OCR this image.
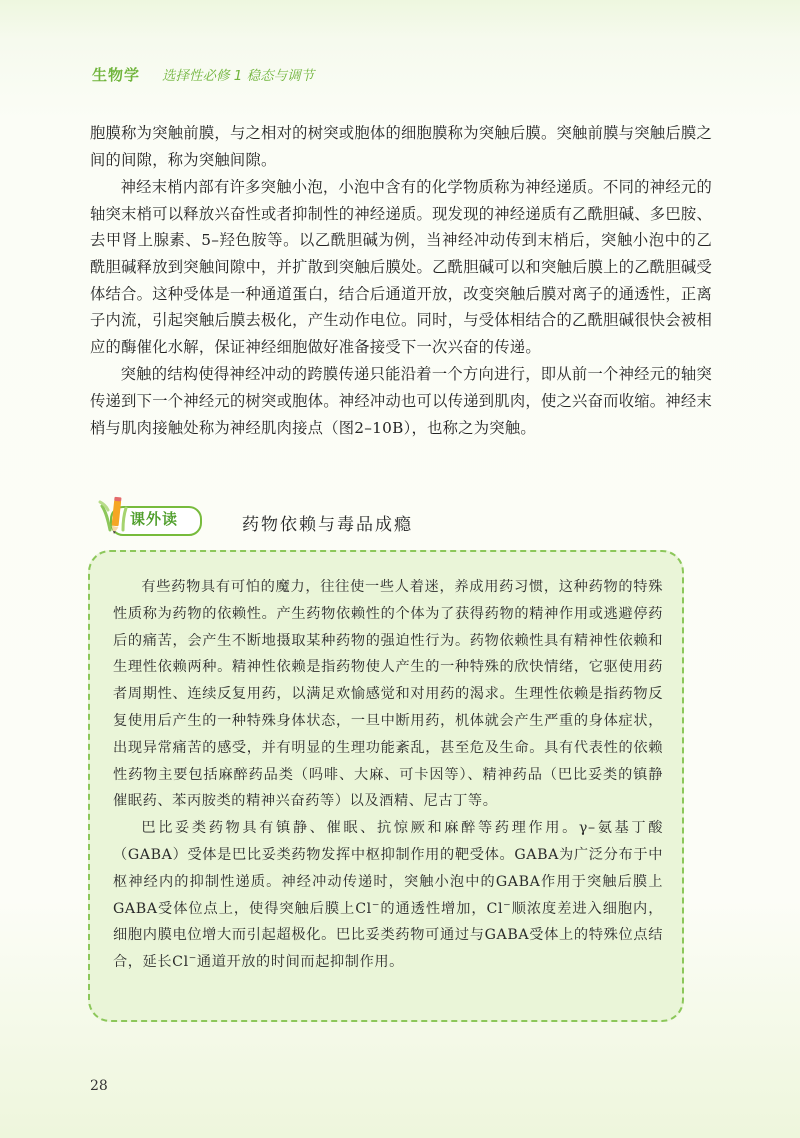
生物学 选择性必修 1 稳态与调节

胞膜称为突触前膜，与之相对的树突或胞体的细胞膜称为突触后膜。突触前膜与突触后膜之间的间隙，称为突触间隙。

神经末梢内部有许多突触小泡，小泡中含有的化学物质称为神经递质。不同的神经元的轴突末梢可以释放兴奋性或者抑制性的神经递质。现发现的神经递质有乙酰胆碱、多巴胺、去甲肾上腺素、5–羟色胺等。以乙酰胆碱为例，当神经冲动传到末梢后，突触小泡中的乙酰胆碱释放到突触间隙中，并扩散到突触后膜处。乙酰胆碱可以和突触后膜上的乙酰胆碱受体结合。这种受体是一种通道蛋白，结合后通道开放，改变突触后膜对离子的通透性，正离子内流，引起突触后膜去极化，产生动作电位。同时，与受体相结合的乙酰胆碱很快会被相应的酶催化水解，保证神经细胞做好准备接受下一次兴奋的传递。

突触的结构使得神经冲动的跨膜传递只能沿着一个方向进行，即从前一个神经元的轴突传递到下一个神经元的树突或胞体。神经冲动也可以传递到肌肉，使之兴奋而收缩。神经末梢与肌肉接触处称为神经肌肉接点（图2–10B），也称之为突触。

课外读	药物依赖与毒品成瘾

有些药物具有可怕的魔力，往往使一些人着迷，养成用药习惯，这种药物的特殊性质称为药物的依赖性。产生药物依赖性的个体为了获得药物的精神作用或逃避停药后的痛苦，会产生不断地摄取某种药物的强迫性行为。药物依赖性具有精神性依赖和生理性依赖两种。精神性依赖是指药物使人产生的一种特殊的欣快情绪，它驱使用药者周期性、连续反复用药，以满足欢愉感觉和对用药的渴求。生理性依赖是指药物反复使用后产生的一种特殊身体状态，一旦中断用药，机体就会产生严重的身体症状，出现异常痛苦的感受，并有明显的生理功能紊乱，甚至危及生命。具有代表性的依赖性药物主要包括麻醉药品类（吗啡、大麻、可卡因等）、精神药品（巴比妥类的镇静催眠药、苯丙胺类的精神兴奋药等）以及酒精、尼古丁等。

巴比妥类药物具有镇静、催眠、抗惊厥和麻醉等药理作用。γ–氨基丁酸（GABA）受体是巴比妥类药物发挥中枢抑制作用的靶受体。GABA为广泛分布于中枢神经内的抑制性递质。神经冲动传递时，突触小泡中的GABA作用于突触后膜上GABA受体位点上，使得突触后膜上Cl−的通透性增加，Cl−顺浓度差进入细胞内，细胞内膜电位增大而引起超极化。巴比妥类药物可通过与GABA受体上的特殊位点结合，延长Cl−通道开放的时间而起抑制作用。

28
